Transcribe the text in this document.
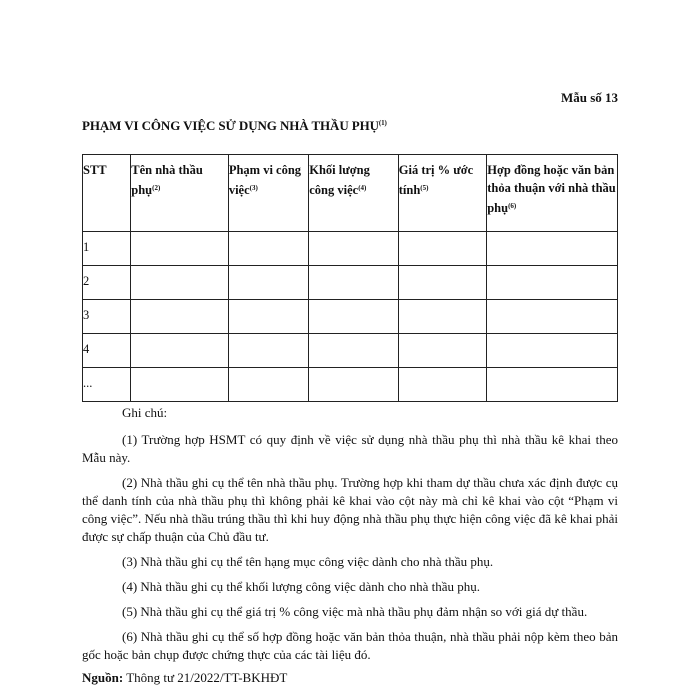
Mẫu số 13
PHẠM VI CÔNG VIỆC SỬ DỤNG NHÀ THẦU PHỤ$^{(1)}$
STT	Tên nhà thầu phụ$^{(2)}$	Phạm vi công việc$^{(3)}$	Khối lượng công việc$^{(4)}$	Giá trị % ước tính$^{(5)}$	Hợp đồng hoặc văn bản thỏa thuận với nhà thầu phụ$^{(6)}$
1					
2					
3					
4					
...					

Ghi chú:

(1) Trường hợp HSMT có quy định về việc sử dụng nhà thầu phụ thì nhà thầu kê khai theo Mẫu này.

(2) Nhà thầu ghi cụ thể tên nhà thầu phụ. Trường hợp khi tham dự thầu chưa xác định được cụ thể danh tính của nhà thầu phụ thì không phải kê khai vào cột này mà chỉ kê khai vào cột “Phạm vi công việc”. Nếu nhà thầu trúng thầu thì khi huy động nhà thầu phụ thực hiện công việc đã kê khai phải được sự chấp thuận của Chủ đầu tư.

(3) Nhà thầu ghi cụ thể tên hạng mục công việc dành cho nhà thầu phụ.

(4) Nhà thầu ghi cụ thể khối lượng công việc dành cho nhà thầu phụ.

(5) Nhà thầu ghi cụ thể giá trị % công việc mà nhà thầu phụ đảm nhận so với giá dự thầu.

(6) Nhà thầu ghi cụ thể số hợp đồng hoặc văn bản thỏa thuận, nhà thầu phải nộp kèm theo bản gốc hoặc bản chụp được chứng thực của các tài liệu đó.

Nguồn: Thông tư 21/2022/TT-BKHĐT
